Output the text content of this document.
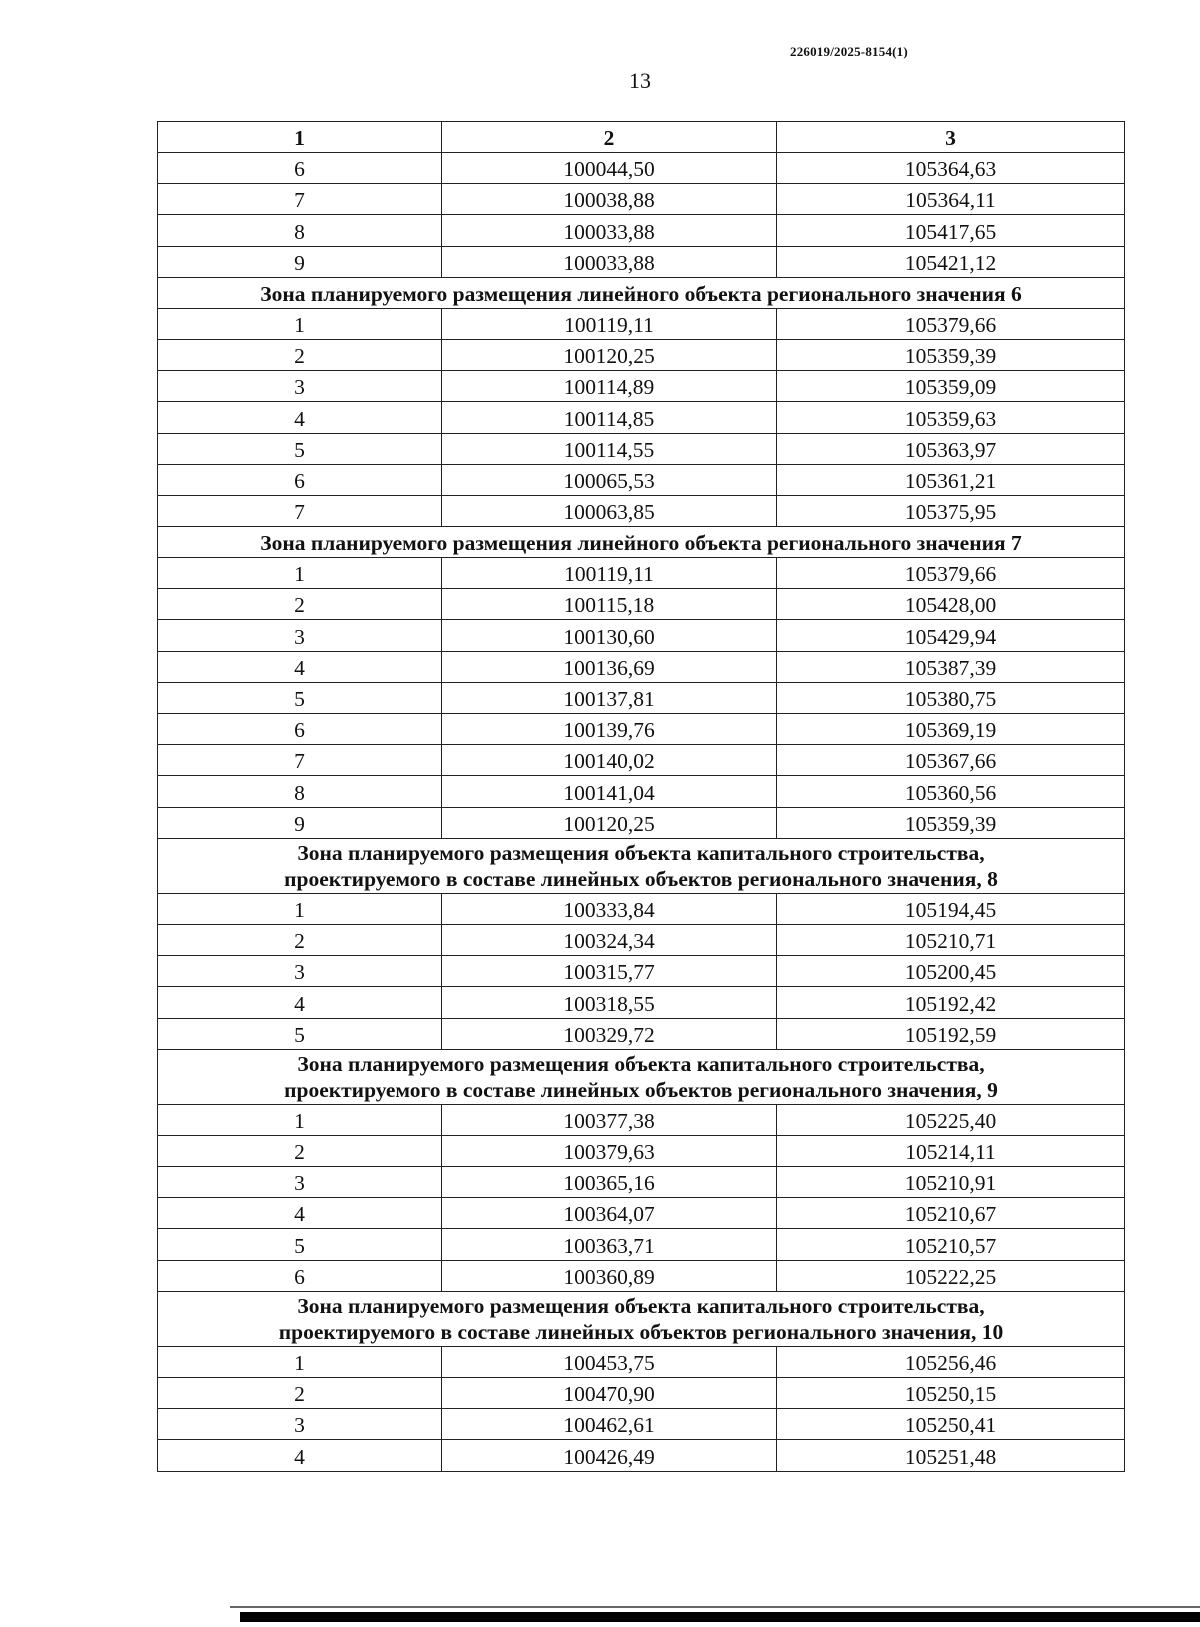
226019/2025-8154(1)
13
1	2	3
6	100044,50	105364,63
7	100038,88	105364,11
8	100033,88	105417,65
9	100033,88	105421,12
Зона планируемого размещения линейного объекта регионального значения 6		
1	100119,11	105379,66
2	100120,25	105359,39
3	100114,89	105359,09
4	100114,85	105359,63
5	100114,55	105363,97
6	100065,53	105361,21
7	100063,85	105375,95
Зона планируемого размещения линейного объекта регионального значения 7		
1	100119,11	105379,66
2	100115,18	105428,00
3	100130,60	105429,94
4	100136,69	105387,39
5	100137,81	105380,75
6	100139,76	105369,19
7	100140,02	105367,66
8	100141,04	105360,56
9	100120,25	105359,39

Зона планируемого размещения объекта капитального строительства,
проектируемого в составе линейных объектов регионального значения, 8		

1	100333,84	105194,45
2	100324,34	105210,71
3	100315,77	105200,45
4	100318,55	105192,42
5	100329,72	105192,59

Зона планируемого размещения объекта капитального строительства,
проектируемого в составе линейных объектов регионального значения, 9		

1	100377,38	105225,40
2	100379,63	105214,11
3	100365,16	105210,91
4	100364,07	105210,67
5	100363,71	105210,57
6	100360,89	105222,25

Зона планируемого размещения объекта капитального строительства,
проектируемого в составе линейных объектов регионального значения, 10		

1	100453,75	105256,46
2	100470,90	105250,15
3	100462,61	105250,41
4	100426,49	105251,48
